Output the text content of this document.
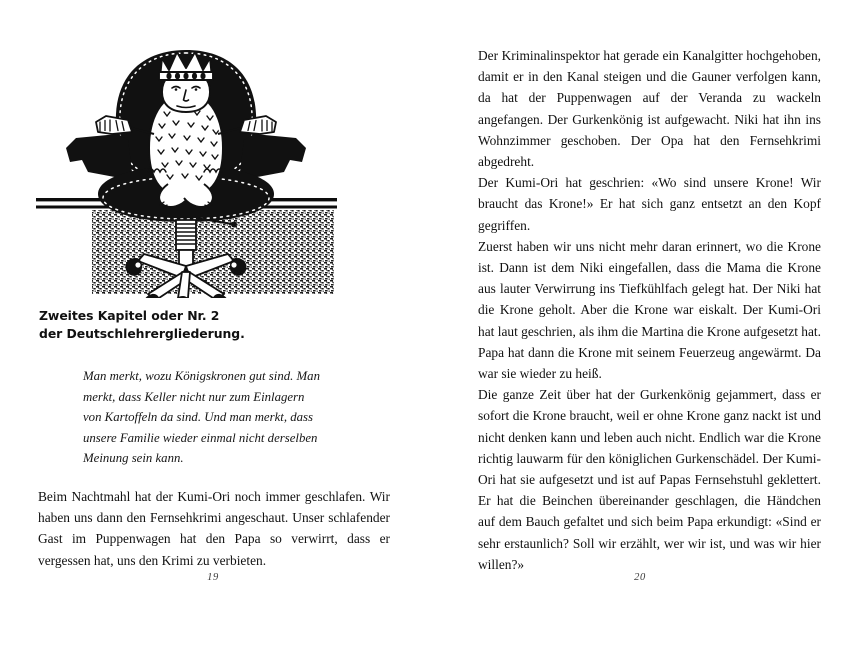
Zweites Kapitel oder Nr. 2
der Deutschlehrergliederung.
Man merkt, wozu Königskronen gut sind. Man
merkt, dass Keller nicht nur zum Einlagern
von Kartoffeln da sind. Und man merkt, dass
unsere Familie wieder einmal nicht derselben
Meinung sein kann.

Beim Nachtmahl hat der Kumi-Ori noch immer geschlafen. Wir haben uns dann den Fernsehkrimi angeschaut. Unser schlafender Gast im Puppenwagen hat den Papa so verwirrt, dass er vergessen hat, uns den Krimi zu verbieten.

19

Der Kriminalinspektor hat gerade ein Kanalgitter hochgehoben, damit er in den Kanal steigen und die Gauner verfolgen kann, da hat der Puppenwagen auf der Veranda zu wackeln angefangen. Der Gurkenkönig ist aufgewacht. Niki hat ihn ins Wohnzimmer geschoben. Der Opa hat den Fernsehkrimi abgedreht.

Der Kumi-Ori hat geschrien: «Wo sind unsere Krone! Wir braucht das Krone!» Er hat sich ganz entsetzt an den Kopf gegriffen.

Zuerst haben wir uns nicht mehr daran erinnert, wo die Krone ist. Dann ist dem Niki eingefallen, dass die Mama die Krone aus lauter Verwirrung ins Tiefkühlfach gelegt hat. Der Niki hat die Krone geholt. Aber die Krone war eiskalt. Der Kumi-Ori hat laut geschrien, als ihm die Martina die Krone aufgesetzt hat. Papa hat dann die Krone mit seinem Feuerzeug angewärmt. Da war sie wieder zu heiß.

Die ganze Zeit über hat der Gurkenkönig gejammert, dass er sofort die Krone braucht, weil er ohne Krone ganz nackt ist und nicht denken kann und leben auch nicht. Endlich war die Krone richtig lauwarm für den königlichen Gurkenschädel. Der Kumi-Ori hat sie aufgesetzt und ist auf Papas Fernsehstuhl geklettert. Er hat die Beinchen übereinander geschlagen, die Händchen auf dem Bauch gefaltet und sich beim Papa erkundigt: «Sind er sehr erstaunlich? Soll wir erzählt, wer wir ist, und was wir hier willen?»

20
